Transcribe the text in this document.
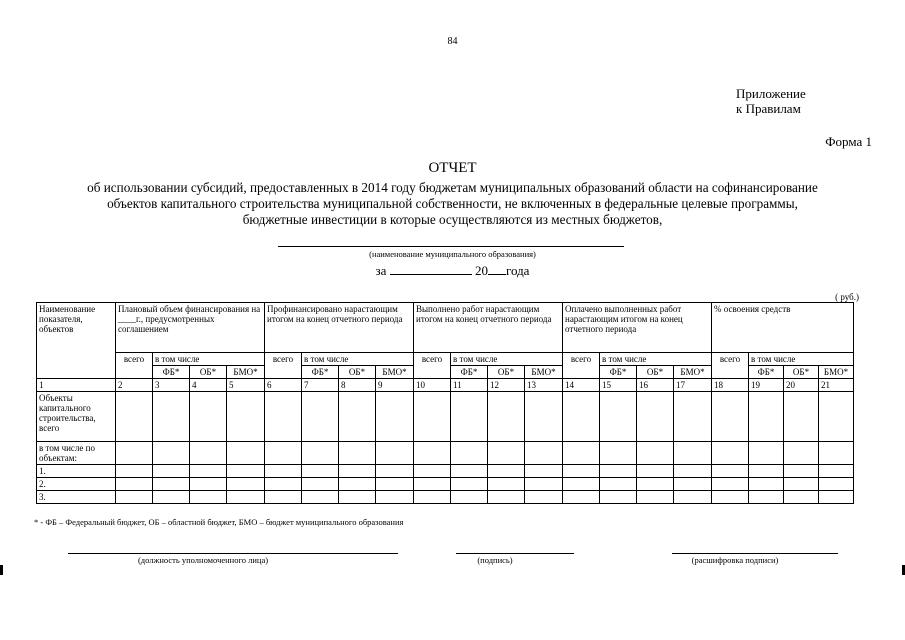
84
Приложение
к Правилам
Форма 1
ОТЧЕТ
об использовании субсидий, предоставленных в 2014 году бюджетам муниципальных образований области на софинансирование
объектов капитального строительства муниципальной собственности, не включенных в федеральные целевые программы,
бюджетные инвестиции в которые осуществляются из местных бюджетов,
(наименование муниципального образования)
за	20 года
( руб.)
Наименование показателя, объектов	Плановый объем финансирования на ____г., предусмотренных соглашением				Профинансировано нарастающим итогом на конец отчетного периода				Выполнено работ нарастающим итогом на конец отчетного периода				Оплачено выполненных работ нарастающим итогом на конец отчетного периода				% освоения средств			
	всего	в том числе			всего	в том числе			всего	в том числе			всего	в том числе			всего	в том числе		
		ФБ*	ОБ*	БМО*		ФБ*	ОБ*	БМО*		ФБ*	ОБ*	БМО*		ФБ*	ОБ*	БМО*		ФБ*	ОБ*	БМО*
1	2	3	4	5	6	7	8	9	10	11	12	13	14	15	16	17	18	19	20	21
Объекты капитального строительства, всего																				
в том числе по объектам:																				
1.																				
2.																				
3.																				
* - ФБ – Федеральный бюджет, ОБ – областной бюджет, БМО – бюджет муниципального образования
(должность уполномоченного лица)	(подпись)	(расшифровка подписи)
